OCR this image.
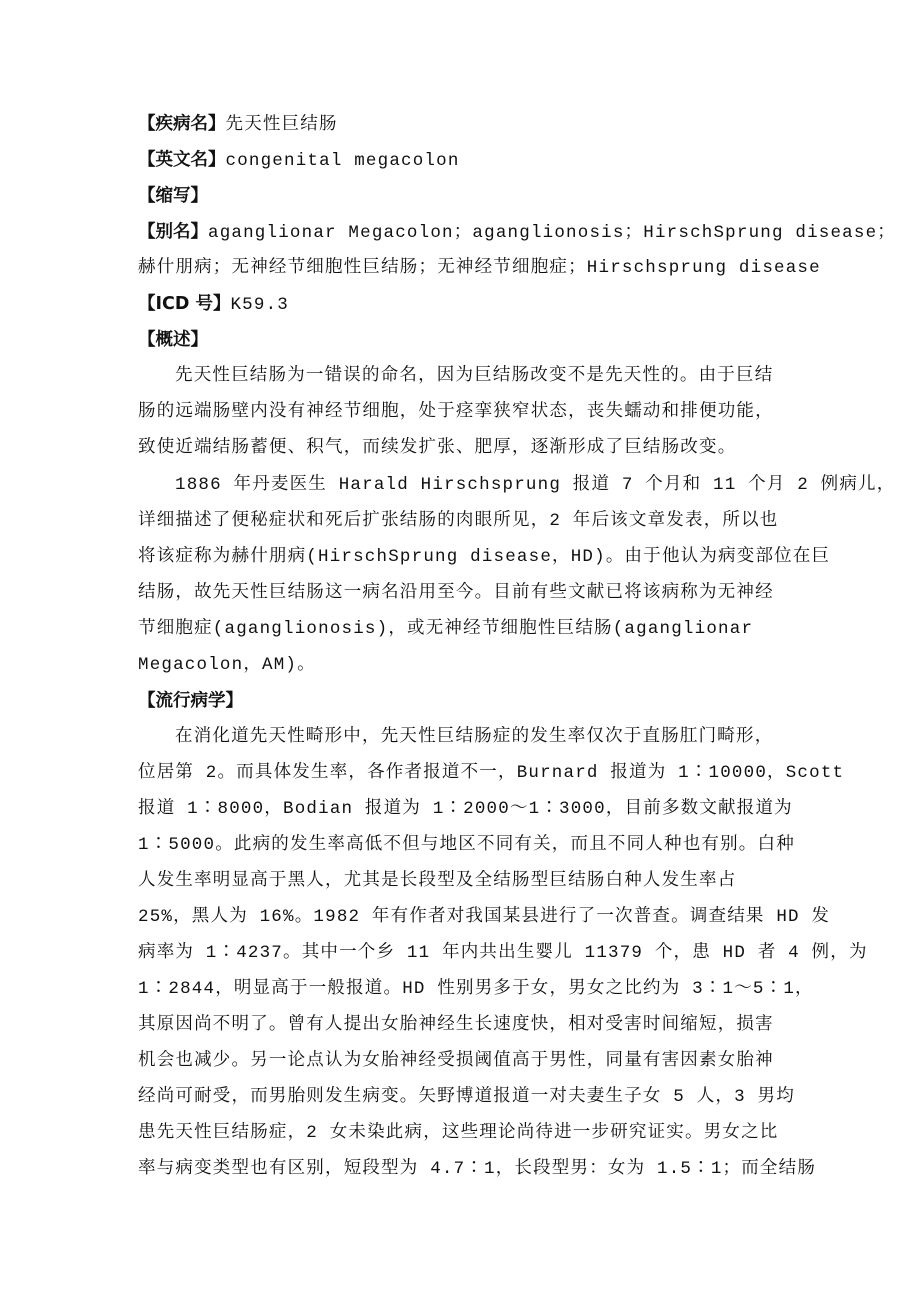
【疾病名】先天性巨结肠
【英文名】congenital megacolon
【缩写】
【别名】aganglionar Megacolon；aganglionosis；HirschSprung disease；
赫什朋病；无神经节细胞性巨结肠；无神经节细胞症；Hirschsprung disease
【ICD 号】K59.3
【概述】
先天性巨结肠为一错误的命名，因为巨结肠改变不是先天性的。由于巨结
肠的远端肠壁内没有神经节细胞，处于痉挛狭窄状态，丧失蠕动和排便功能，
致使近端结肠蓄便、积气，而续发扩张、肥厚，逐渐形成了巨结肠改变。
1886 年丹麦医生 Harald Hirschsprung 报道 7 个月和 11 个月 2 例病儿，
详细描述了便秘症状和死后扩张结肠的肉眼所见，2 年后该文章发表，所以也
将该症称为赫什朋病(HirschSprung disease，HD)。由于他认为病变部位在巨
结肠，故先天性巨结肠这一病名沿用至今。目前有些文献已将该病称为无神经
节细胞症(aganglionosis)，或无神经节细胞性巨结肠(aganglionar
Megacolon，AM)。
【流行病学】
在消化道先天性畸形中，先天性巨结肠症的发生率仅次于直肠肛门畸形，
位居第 2。而具体发生率，各作者报道不一，Burnard 报道为 1∶10000，Scott
报道 1∶8000，Bodian 报道为 1∶2000～1∶3000，目前多数文献报道为
1∶5000。此病的发生率高低不但与地区不同有关，而且不同人种也有别。白种
人发生率明显高于黑人，尤其是长段型及全结肠型巨结肠白种人发生率占
25%，黑人为 16%。1982 年有作者对我国某县进行了一次普查。调查结果 HD 发
病率为 1∶4237。其中一个乡 11 年内共出生婴儿 11379 个，患 HD 者 4 例，为
1∶2844，明显高于一般报道。HD 性别男多于女，男女之比约为 3∶1～5∶1，
其原因尚不明了。曾有人提出女胎神经生长速度快，相对受害时间缩短，损害
机会也减少。另一论点认为女胎神经受损阈值高于男性，同量有害因素女胎神
经尚可耐受，而男胎则发生病变。矢野博道报道一对夫妻生子女 5 人，3 男均
患先天性巨结肠症，2 女未染此病，这些理论尚待进一步研究证实。男女之比
率与病变类型也有区别，短段型为 4.7∶1，长段型男：女为 1.5∶1；而全结肠
